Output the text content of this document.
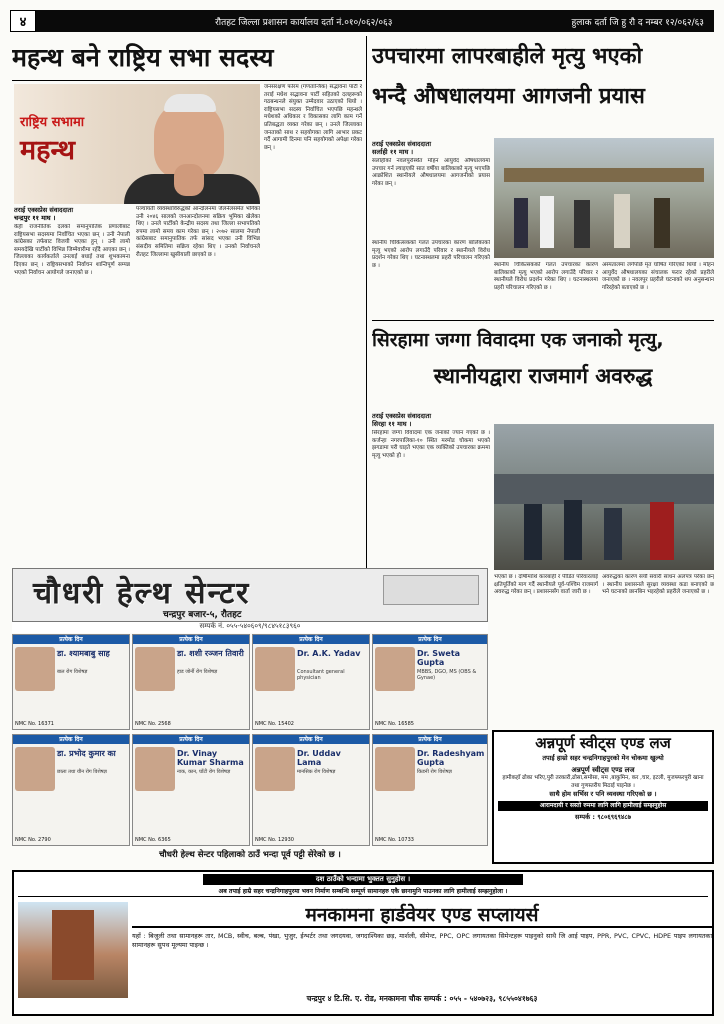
४	रौतहट जिल्ला प्रशासन कार्यालय दर्ता नं.०१०/०६२/०६३	हुलाक दर्ता जि हु रौ द नम्बर १२/०६२/६३
महन्थ बने राष्ट्रिय सभा सदस्य
राष्ट्रिय सभामा
महन्थ
तराई एक्सप्रेस संवाददाता
चन्द्रपुर ११ माघ ।
केही राजनीतिक दलको समानुपातिक प्रणालीबाट राष्ट्रियसभा सदस्यमा निर्वाचित भएका छन् । उनी नेपाली कांग्रेसका तर्फबाट विजयी भएका हुन् । उनी लामो समयदेखि पार्टीको विभिन्न जिम्मेवारीमा रहँदै आएका छन् । जिल्लाका कार्यकर्ताले उनलाई बधाई तथा शुभकामना दिएका छन् । राष्ट्रियसभाको निर्वाचन शान्तिपूर्ण सम्पन्न भएको निर्वाचन आयोगले जनाएको छ ।
पञ्चायती व्यवस्थाविरुद्धको आन्दोलनमा जेलनेलसमेत भोगेका उनी २०४६ सालको जनआन्दोलनमा सक्रिय भूमिका खेलेका थिए । उनले पार्टीको केन्द्रीय सदस्य तथा जिल्ला सभापतिको रुपमा लामो समय काम गरेका छन् । २०७२ सालमा नेपाली कांग्रेसबाट समानुपातिक तर्फ सांसद भएका उनी विभिन्न संसदीय समितिमा सक्रिय रहेका थिए । उनको निर्वाचनले रौतहट जिल्लामा खुसीयाली छाएको छ ।
जनसंरक्षण फोरम (गणतान्त्रिक) सद्भावना पार्टी र तराई मधेश सद्भावना पार्टी सहितको दलहरूको गठबन्धनले संयुक्त उम्मेदवार उठाएको थियो । राष्ट्रियसभा सदस्य निर्वाचित भएपछि महन्थले मधेशको अधिकार र विकासका लागि काम गर्ने प्रतिबद्धता व्यक्त गरेका छन् । उनले जिल्लाका जनताको साथ र सहयोगका लागि आभार प्रकट गर्दै आगामी दिनमा पनि सहयोगको अपेक्षा गरेका छन् ।
उपचारमा लापरबाहीले मृत्यु भएको
भन्दै औषधालयमा आगजनी प्रयास
तराई एक्सप्रेस संवाददाता
सर्लाही ११ माघ ।
सर्लाहीको नवलपुरस्थित मोहन आयुर्वेद औषधालयमा उपचार गर्न ल्याइएकी सात वर्षीया बालिकाको मृत्यु भएपछि आक्रोशित स्थानीयले औषधालयमा आगजनीको प्रयास गरेका छन् ।
स्थानीय चिकित्सकको गलत उपचारका कारण बालिकाको मृत्यु भएको आरोप लगाउँदै परिवार र स्थानीयले विरोध प्रदर्शन गरेका थिए । घटनास्थलमा प्रहरी परिचालन गरिएको छ ।	स्थानीय चिकित्सकको गलत उपचारका कारण बालिकाको मृत्यु भएको आरोप लगाउँदै परिवार र स्थानीयले विरोध प्रदर्शन गरेका थिए । घटनास्थलमा प्रहरी परिचालन गरिएको छ ।
अस्पतालमा लगेपछि मृत घोषित गरिएको थियो । मोहन आयुर्वेद औषधालयका संचालक फरार रहेको प्रहरीले जनाएको छ । नवलपुर प्रहरीले घटनाको थप अनुसन्धान गरिरहेको बताएको छ ।
सिरहामा जग्गा विवादमा एक जनाको मृत्यु,
स्थानीयद्वारा राजमार्ग अवरुद्ध
तराई एक्सप्रेस संवाददाता
सिरहा ११ माघ ।
सिरहामा जग्गा विवादमा एक जनाको ज्यान गएको छ । कर्जन्हा नगरपालिका-१० स्थित मरमोड चोकमा भएको झगडामा परी घाइते भएका एक व्यक्तिको उपचारका क्रममा मृत्यु भएको हो ।
भएको छ । दोषीमाथि कारबाही र पीडित परिवारलाई क्षतिपूर्तिको माग गर्दै स्थानीयले पूर्व-पश्चिम राजमार्ग अवरुद्ध गरेका छन् । प्रशासनसँग वार्ता जारी छ ।
अवरुद्धका कारण सयौं सवारी साधन अलपत्र परेका छन् । स्थानीय प्रशासनले सुरक्षा व्यवस्था कडा बनाएको छ भने घटनाको छानबिन भइरहेको प्रहरीले जनाएको छ ।
चौधरी हेल्थ सेन्टर
चन्द्रपुर बजार-५, रौतहट
सम्पर्क नं. ०५५-५४०६०९/९८४५१८३९६०
प्रत्येक दिन
डा. श्यामबाबु साह
बाल रोग विशेषज्ञ
NMC No. 16371
प्रत्येक दिन
डा. शशी रञ्जन तिवारी
हाड जोर्नी रोग विशेषज्ञ
NMC No. 2568
प्रत्येक दिन
Dr. A.K. Yadav
Consultant general physician
NMC No. 15402
प्रत्येक दिन
Dr. Sweta Gupta
MBBS, DGO, MS (OBS & Gynae)
NMC No. 16585
प्रत्येक दिन
डा. प्रभोद कुमार का
छाला तथा यौन रोग विशेषज्ञ
NMC No. 2790
प्रत्येक दिन
Dr. Vinay Kumar Sharma
नाक, कान, घाँटी रोग विशेषज्ञ
NMC No. 6365
प्रत्येक दिन
Dr. Uddav Lama
मानसिक रोग विशेषज्ञ
NMC No. 12930
प्रत्येक दिन
Dr. Radeshyam Gupta
किडनी रोग विशेषज्ञ
NMC No. 10733
चौधरी हेल्थ सेन्टर पहिलाको ठाउँ भन्दा पूर्व पट्टी सेरेको छ ।
अन्नपूर्ण स्वीट्स एण्ड लज
तपाईं हाम्रो सहर चन्द्रनिगाहपुरको मेन चोकमा खुल्यो
अन्नपूर्ण स्वीट्स एण्ड लज
हामीकहाँ ढोका भरिए,पुरी तरकारी,ढोसा,समोसा, मम ,बाकुमिन, कर ,चार, इटली, मुजफ्फरपुरी खाना तथा गुणस्तरीय मिठाई पाइनेछ ।
साथै होम सर्भिस र पनि व्यवस्था गरिएको छ ।
आरामदायी र सस्तो रुममा लानि लागि हामीलाई सम्झनुहोस
सम्पर्क : ९८०६९६९४८७
दश ठाउँको भन्दामा भुक्तत सुनुहोस ।
अब तपाई हाम्रै सहर चन्द्रनिगाहपुरमा भवन निर्माण सम्बन्धि सम्पूर्ण सामानहरु एकै छानामुनि पाउनका लागि हामीलाई सम्झनुहोला ।
मनकामना हार्डवेयर एण्ड सप्लायर्स
यहाँ : बिजुली तथा सामानहरू तार, MCB, स्वीच, बल्ब, पंखा, भुजुर, ईन्भर्टर तथा जगदयवा, जगदाश्यिका छड़, मार्शली, सीमेन्ट, PPC, OPC लगायतका सिमेन्टहरू पाइनुको साथै जि आई पाइप, PPR, PVC, CPVC, HDPE पाइप लगायतका सामानहरू सुपथ मूल्यमा पाइन्छ ।
चन्द्रपुर ४ टि.सि. ए. रोड, मनकामना चौक सम्पर्क : ०५५ - ५४०७२३, ९८५५०४१७६३
